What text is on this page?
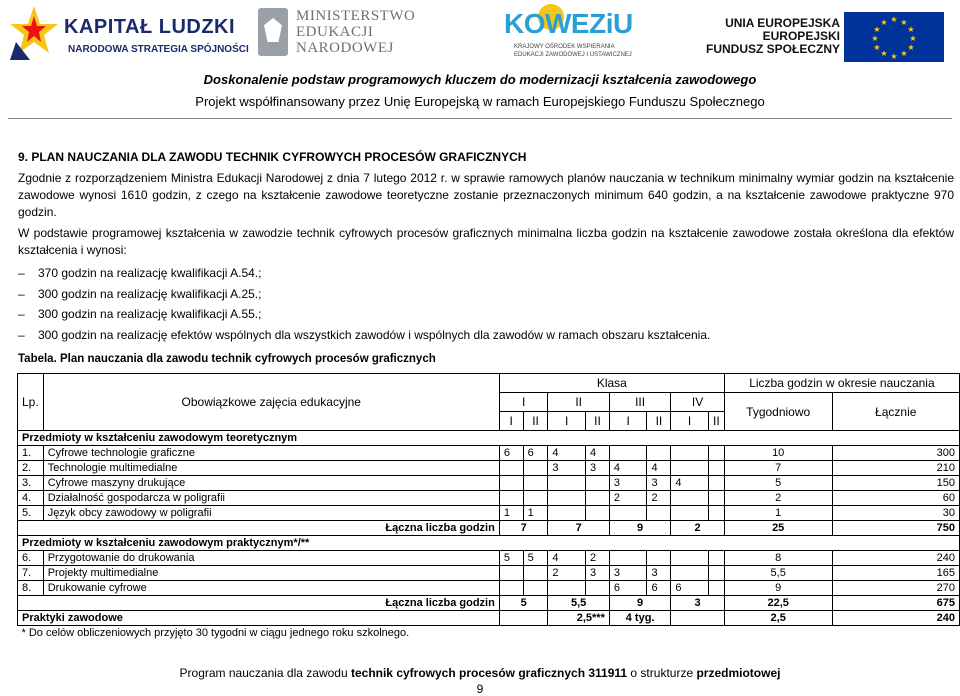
KAPITAŁ LUDZKI
NARODOWA STRATEGIA SPÓJNOŚCI
MINISTERSTWO
EDUKACJI
NARODOWEJ
KOWEZiU
KRAJOWY OŚRODEK WSPIERANIA
EDUKACJI ZAWODOWEJ I USTAWICZNEJ
UNIA EUROPEJSKA
EUROPEJSKI
FUNDUSZ SPOŁECZNY
★ ★
★
★
★
★
★
★
★
★
★
★
Doskonalenie podstaw programowych kluczem do modernizacji kształcenia zawodowego
Projekt współfinansowany przez Unię Europejską w ramach Europejskiego Funduszu Społecznego
9. PLAN NAUCZANIA DLA ZAWODU TECHNIK CYFROWYCH PROCESÓW GRAFICZNYCH
Zgodnie z rozporządzeniem Ministra Edukacji Narodowej z dnia 7 lutego 2012 r. w sprawie ramowych planów nauczania w technikum minimalny wymiar godzin na kształcenie zawodowe wynosi 1610 godzin, z czego na kształcenie zawodowe teoretyczne zostanie przeznaczonych minimum 640 godzin, a na kształcenie zawodowe praktyczne 970 godzin.
W podstawie programowej kształcenia w zawodzie technik cyfrowych procesów graficznych minimalna liczba godzin na kształcenie zawodowe została określona dla efektów kształcenia i wynosi:
– 370 godzin na realizację kwalifikacji A.54.;
– 300 godzin na realizację kwalifikacji A.25.;
– 300 godzin na realizację kwalifikacji A.55.;
– 300 godzin na realizację efektów wspólnych dla wszystkich zawodów i wspólnych dla zawodów w ramach obszaru kształcenia.
Tabela. Plan nauczania dla zawodu technik cyfrowych procesów graficznych
Lp.	Obowiązkowe zajęcia edukacyjne	Klasa								Liczba godzin w okresie nauczania	
		I		II		III		IV		Tygodniowo	Łącznie
		I	II	I	II	I	II	I	II		
Przedmioty w kształceniu zawodowym teoretycznym											
1.	Cyfrowe technologie graficzne	6	6	4	4					10	300
2.	Technologie multimedialne			3	3	4	4			7	210
3.	Cyfrowe maszyny drukujące					3	3	4		5	150
4.	Działalność gospodarcza w poligrafii					2	2			2	60
5.	Język obcy zawodowy w poligrafii	1	1							1	30
Łączna liczba godzin		7		7		9		2		25	750
Przedmioty w kształceniu zawodowym praktycznym*/**											
6.	Przygotowanie do drukowania	5	5	4	2					8	240
7.	Projekty multimedialne			2	3	3	3			5,5	165
8.	Drukowanie cyfrowe					6	6	6		9	270
Łączna liczba godzin		5		5,5		9		3		22,5	675
Praktyki zawodowe				2,5***		4 tyg.				2,5	240
* Do celów obliczeniowych przyjęto 30 tygodni w ciągu jednego roku szkolnego.											
Program nauczania dla zawodu technik cyfrowych procesów graficznych 311911 o strukturze przedmiotowej
9
